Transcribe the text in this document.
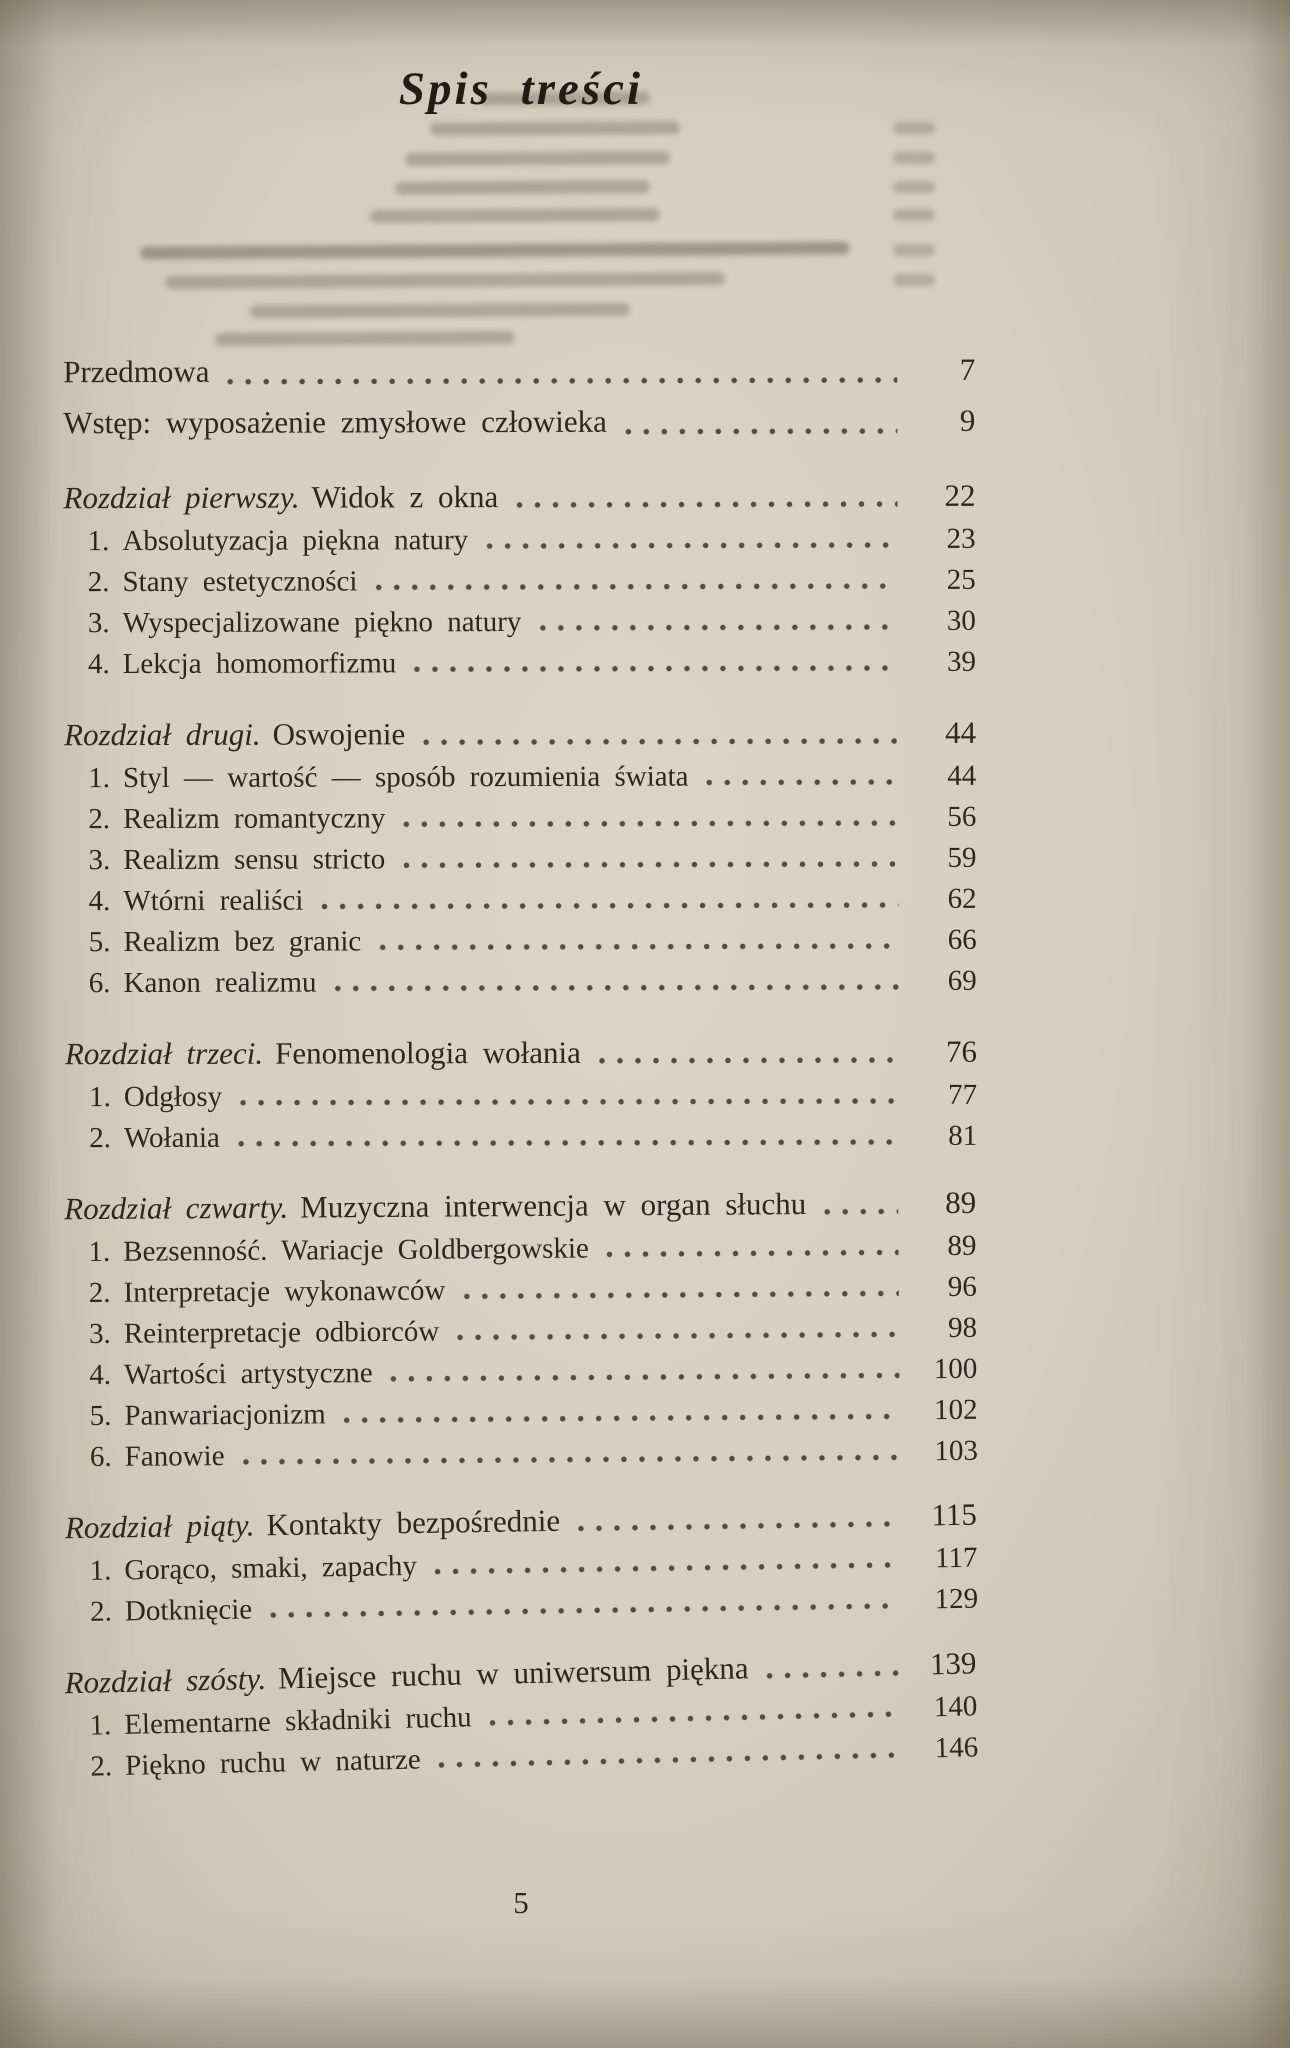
Spis treści
Przedmowa	7
Wstęp: wyposażenie zmysłowe człowieka	9
Rozdział pierwszy. Widok z okna	22
1. Absolutyzacja piękna natury	23
2. Stany estetyczności	25
3. Wyspecjalizowane piękno natury	30
4. Lekcja homomorfizmu	39
Rozdział drugi. Oswojenie	44
1. Styl — wartość — sposób rozumienia świata	44
2. Realizm romantyczny	56
3. Realizm sensu stricto	59
4. Wtórni realiści	62
5. Realizm bez granic	66
6. Kanon realizmu	69
Rozdział trzeci. Fenomenologia wołania	76
1. Odgłosy	77
2. Wołania	81
Rozdział czwarty. Muzyczna interwencja w organ słuchu	89
1. Bezsenność. Wariacje Goldbergowskie	89
2. Interpretacje wykonawców	96
3. Reinterpretacje odbiorców	98
4. Wartości artystyczne	100
5. Panwariacjonizm	102
6. Fanowie	103
Rozdział piąty. Kontakty bezpośrednie	115
1. Gorąco, smaki, zapachy	117
2. Dotknięcie	129
Rozdział szósty. Miejsce ruchu w uniwersum piękna	139
1. Elementarne składniki ruchu	140
2. Piękno ruchu w naturze	146
5
